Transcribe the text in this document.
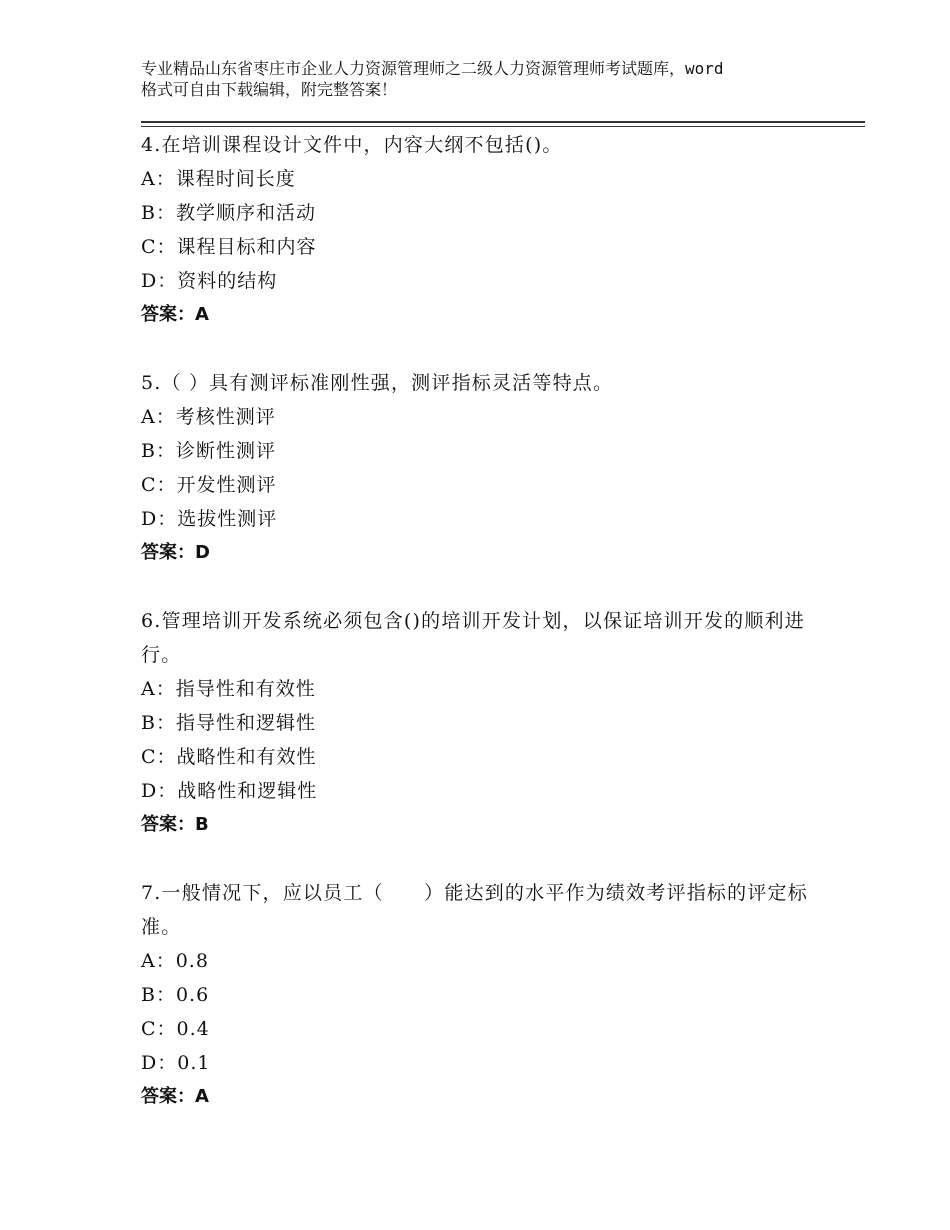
专业精品山东省枣庄市企业人力资源管理师之二级人力资源管理师考试题库，word
格式可自由下载编辑，附完整答案！
4.在培训课程设计文件中，内容大纲不包括()。
A：课程时间长度
B：教学顺序和活动
C：课程目标和内容
D：资料的结构
答案：A
5.（ ）具有测评标准刚性强，测评指标灵活等特点。
A：考核性测评
B：诊断性测评
C：开发性测评
D：选拔性测评
答案：D
6.管理培训开发系统必须包含()的培训开发计划，以保证培训开发的顺利进行。
A：指导性和有效性
B：指导性和逻辑性
C：战略性和有效性
D：战略性和逻辑性
答案：B
7.一般情况下，应以员工（　　）能达到的水平作为绩效考评指标的评定标准。
A：0.8
B：0.6
C：0.4
D：0.1
答案：A
